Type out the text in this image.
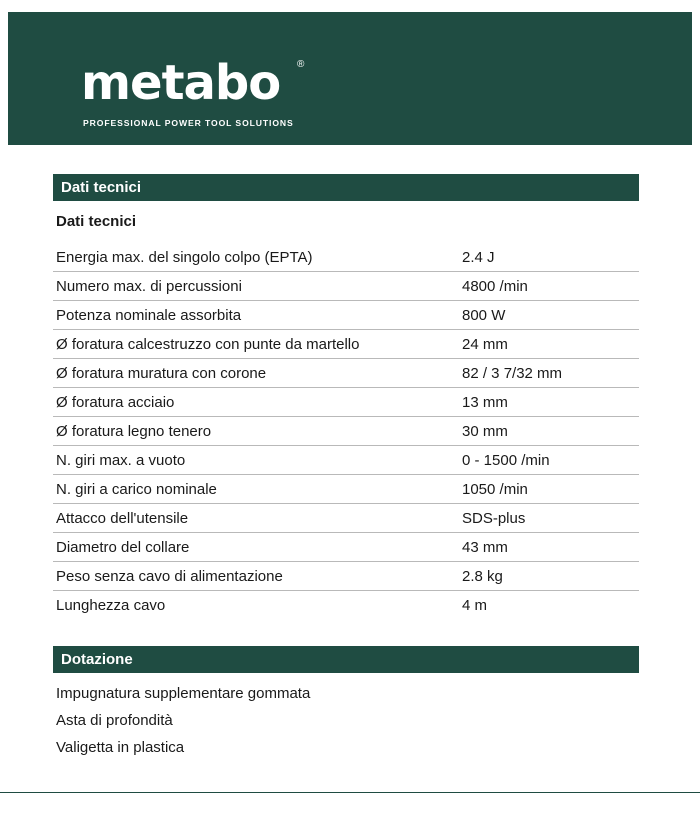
metabo ®
PROFESSIONAL POWER TOOL SOLUTIONS
Dati tecnici
Dati tecnici
Energia max. del singolo colpo (EPTA)	2.4 J
Numero max. di percussioni	4800 /min
Potenza nominale assorbita	800 W
Ø foratura calcestruzzo con punte da martello	24 mm
Ø foratura muratura con corone	82 / 3 7/32 mm
Ø foratura acciaio	13 mm
Ø foratura legno tenero	30 mm
N. giri max. a vuoto	0 - 1500 /min
N. giri a carico nominale	1050 /min
Attacco dell'utensile	SDS-plus
Diametro del collare	43 mm
Peso senza cavo di alimentazione	2.8 kg
Lunghezza cavo	4 m
Dotazione
Impugnatura supplementare gommata
Asta di profondità
Valigetta in plastica
